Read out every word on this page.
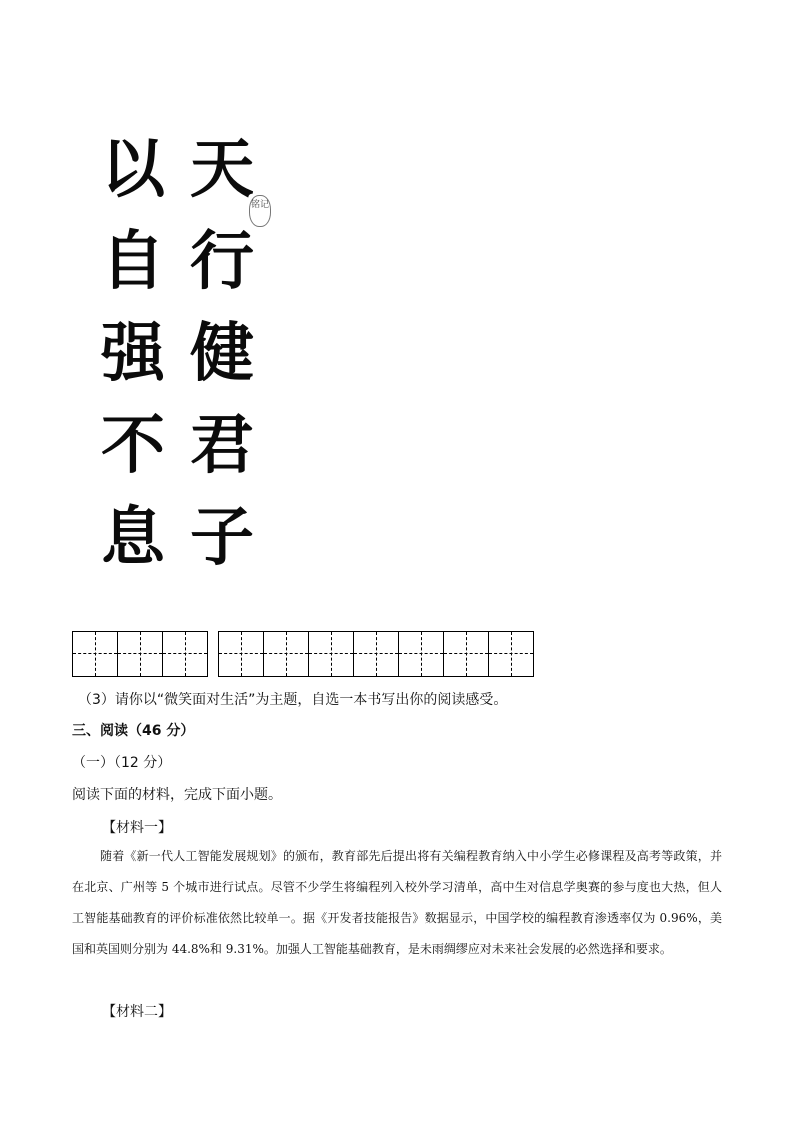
天
行
健
君
子
以
自
强
不
息
铭记
（3）请你以“微笑面对生活”为主题，自选一本书写出你的阅读感受。
三、阅读（46 分）
（一）（12 分）
阅读下面的材料，完成下面小题。
【材料一】
随着《新一代人工智能发展规划》的颁布，教育部先后提出将有关编程教育纳入中小学生必修课程及高考等政策，并在北京、广州等 5 个城市进行试点。尽管不少学生将编程列入校外学习清单，高中生对信息学奥赛的参与度也大热，但人工智能基础教育的评价标准依然比较单一。据《开发者技能报告》数据显示，中国学校的编程教育渗透率仅为 0.96%，美国和英国则分别为 44.8%和 9.31%。加强人工智能基础教育，是未雨绸缪应对未来社会发展的必然选择和要求。
【材料二】
